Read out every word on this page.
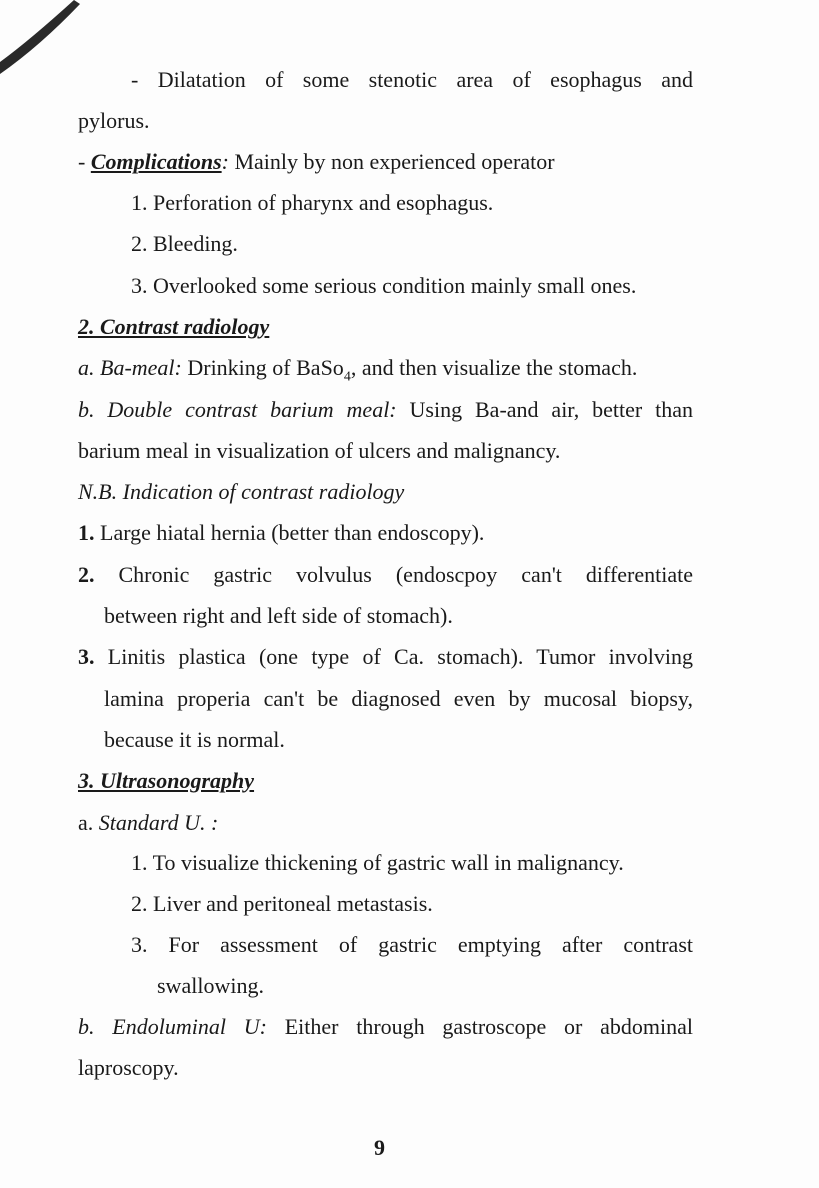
- Dilatation of some stenotic area of esophagus and
pylorus.
- Complications: Mainly by non experienced operator
1. Perforation of pharynx and esophagus.
2. Bleeding.
3. Overlooked some serious condition mainly small ones.
2. Contrast radiology
a. Ba-meal: Drinking of BaSo$_4$, and then visualize the stomach.
b. Double contrast barium meal: Using Ba-and air, better than
barium meal in visualization of ulcers and malignancy.
N.B. Indication of contrast radiology
1. Large hiatal hernia (better than endoscopy).
2. Chronic gastric volvulus (endoscpoy can't differentiate
between right and left side of stomach).
3. Linitis plastica (one type of Ca. stomach). Tumor involving
lamina properia can't be diagnosed even by mucosal biopsy,
because it is normal.
3. Ultrasonography
a. Standard U. :
1. To visualize thickening of gastric wall in malignancy.
2. Liver and peritoneal metastasis.
3. For assessment of gastric emptying after contrast
swallowing.
b. Endoluminal U: Either through gastroscope or abdominal
laproscopy.
9
